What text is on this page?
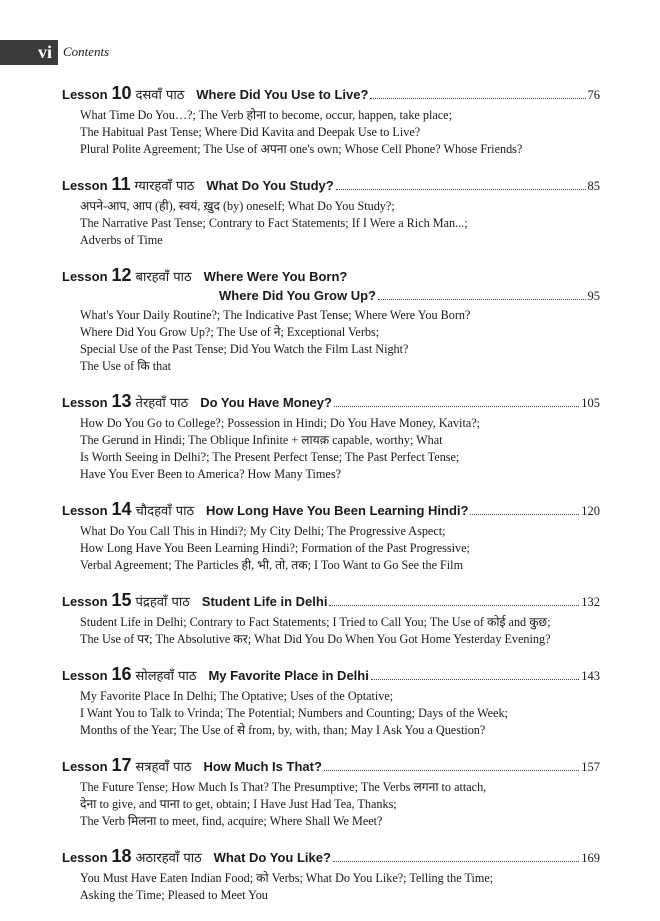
vi Contents
Lesson 10 दसवाँ पाठ Where Did You Use to Live?	76
What Time Do You…?; The Verb होना to become, occur, happen, take place;
The Habitual Past Tense; Where Did Kavita and Deepak Use to Live?
Plural Polite Agreement; The Use of अपना one's own; Whose Cell Phone? Whose Friends?
Lesson 11 ग्यारहवाँ पाठ What Do You Study?	85
अपने-आप, आप (ही), स्वयं, ख़ुद (by) oneself; What Do You Study?;
The Narrative Past Tense; Contrary to Fact Statements; If I Were a Rich Man...;
Adverbs of Time
Lesson 12 बारहवाँ पाठ Where Were You Born?
Where Did You Grow Up?	95
What's Your Daily Routine?; The Indicative Past Tense; Where Were You Born?
Where Did You Grow Up?; The Use of ने; Exceptional Verbs;
Special Use of the Past Tense; Did You Watch the Film Last Night?
The Use of कि that
Lesson 13 तेरहवाँ पाठ Do You Have Money?	105
How Do You Go to College?; Possession in Hindi; Do You Have Money, Kavita?;
The Gerund in Hindi; The Oblique Infinite + लायक़ capable, worthy; What
Is Worth Seeing in Delhi?; The Present Perfect Tense; The Past Perfect Tense;
Have You Ever Been to America? How Many Times?
Lesson 14 चौदहवाँ पाठ How Long Have You Been Learning Hindi?	120
What Do You Call This in Hindi?; My City Delhi; The Progressive Aspect;
How Long Have You Been Learning Hindi?; Formation of the Past Progressive;
Verbal Agreement; The Particles ही, भी, तो, तक; I Too Want to Go See the Film
Lesson 15 पंद्रहवाँ पाठ Student Life in Delhi	132
Student Life in Delhi; Contrary to Fact Statements; I Tried to Call You; The Use of कोई and कुछ;
The Use of पर; The Absolutive कर; What Did You Do When You Got Home Yesterday Evening?
Lesson 16 सोलहवाँ पाठ My Favorite Place in Delhi	143
My Favorite Place In Delhi; The Optative; Uses of the Optative;
I Want You to Talk to Vrinda; The Potential; Numbers and Counting; Days of the Week;
Months of the Year; The Use of से from, by, with, than; May I Ask You a Question?
Lesson 17 सत्रहवाँ पाठ How Much Is That?	157
The Future Tense; How Much Is That? The Presumptive; The Verbs लगना to attach,
देना to give, and पाना to get, obtain; I Have Just Had Tea, Thanks;
The Verb मिलना to meet, find, acquire; Where Shall We Meet?
Lesson 18 अठारहवाँ पाठ What Do You Like?	169
You Must Have Eaten Indian Food; को Verbs; What Do You Like?; Telling the Time;
Asking the Time; Pleased to Meet You
